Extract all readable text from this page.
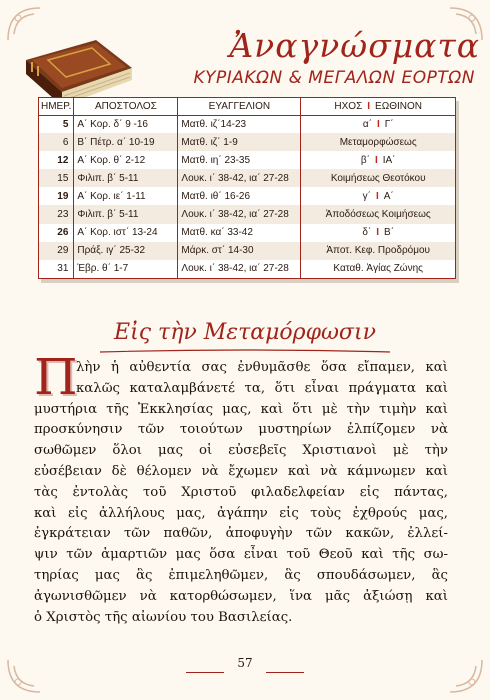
Ἀναγνώσματα
ΚΥΡΙΑΚΩΝ & ΜΕΓΑΛΩΝ ΕΟΡΤΩΝ
ΗΜΕΡ.	ΑΠΟΣΤΟΛΟΣ	ΕΥΑΓΓΕΛΙΟΝ	ΗΧΟΣ I ΕΩΘΙΝΟΝ
5	Α΄ Κορ. δ΄ 9 -16	Ματθ. ιζ΄14-23	α΄ I Γ΄
6	Β΄ Πέτρ. α΄ 10-19	Ματθ. ιζ΄ 1-9	Μεταμορφώσεως
12	Α΄ Κορ. θ΄ 2-12	Ματθ. ιη΄ 23-35	β΄ I ΙΑ΄
15	Φιλιπ. β΄ 5-11	Λουκ. ι΄ 38-42, ια΄ 27-28	Κοιμήσεως Θεοτόκου
19	Α΄ Κορ. ιε΄ 1-11	Ματθ. ιθ΄ 16-26	γ΄ I Α΄
23	Φιλιπ. β΄ 5-11	Λουκ. ι΄ 38-42, ια΄ 27-28	Ἀποδόσεως Κοιμήσεως
26	Α΄ Κορ. ιστ΄ 13-24	Ματθ. κα΄ 33-42	δ΄ I Β΄
29	Πράξ. ιγ΄ 25-32	Μάρκ. στ΄ 14-30	Ἀποτ. Κεφ. Προδρόμου
31	Ἑβρ. θ΄ 1-7	Λουκ. ι΄ 38-42, ια΄ 27-28	Καταθ. Ἁγίας Ζώνης
Εἰς τὴν Μεταμόρφωσιν
Π
λὴν ἡ αὐθεντία σας ἐνθυμᾶσθε ὅσα εἴπαμεν, καὶ
καλῶς καταλαμβάνετέ τα, ὅτι εἶναι πράγματα καὶ
μυστήρια τῆς Ἐκκλησίας μας, καὶ ὅτι μὲ τὴν τιμὴν καὶ
προσκύνησιν τῶν τοιούτων μυστηρίων ἐλπίζομεν νὰ
σωθῶμεν ὅλοι μας οἱ εὐσεβεῖς Χριστιανοὶ μὲ τὴν
εὐσέβειαν δὲ θέλομεν νὰ ἔχωμεν καὶ νὰ κάμνωμεν καὶ
τὰς ἐντολὰς τοῦ Χριστοῦ φιλαδελφείαν εἰς πάντας,
καὶ εἰς ἀλλήλους μας, ἀγάπην εἰς τοὺς ἐχθρούς μας,
ἐγκράτειαν τῶν παθῶν, ἀποφυγὴν τῶν κακῶν, ἐλλεί-
ψιν τῶν ἁμαρτιῶν μας ὅσα εἶναι τοῦ Θεοῦ καὶ τῆς σω-
τηρίας μας ἃς ἐπιμεληθῶμεν, ἃς σπουδάσωμεν, ἃς
ἀγωνισθῶμεν νὰ κατορθώσωμεν, ἵνα μᾶς ἀξιώσῃ καὶ
ὁ Χριστὸς τῆς αἰωνίου του Βασιλείας.
57
